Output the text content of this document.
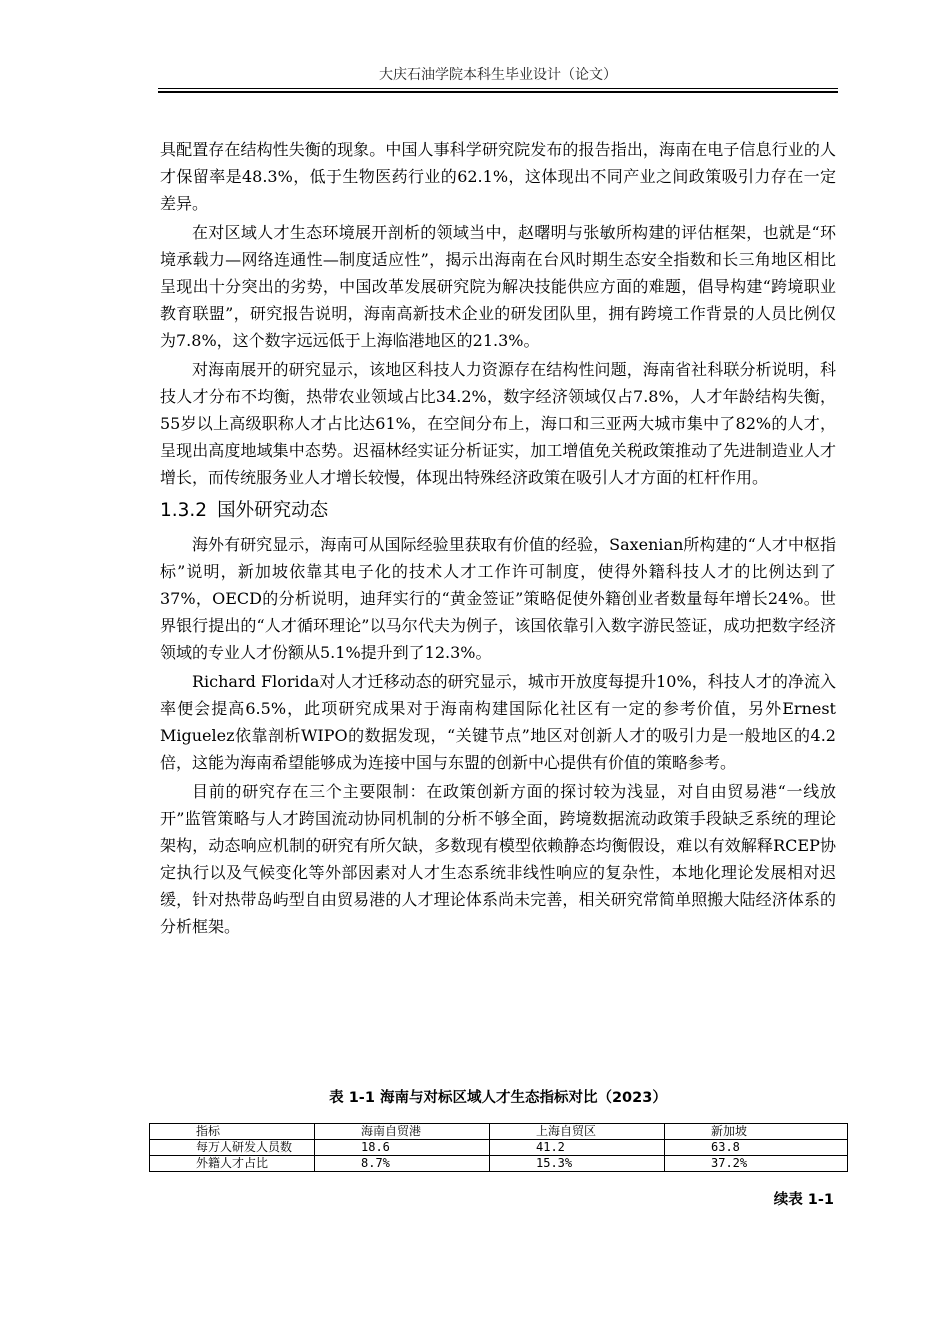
大庆石油学院本科生毕业设计（论文）

具配置存在结构性失衡的现象。中国人事科学研究院发布的报告指出，海南在电子信息行业的人才保留率是48.3%，低于生物医药行业的62.1%，这体现出不同产业之间政策吸引力存在一定差异。

在对区域人才生态环境展开剖析的领域当中，赵曙明与张敏所构建的评估框架，也就是“环境承载力—网络连通性—制度适应性”，揭示出海南在台风时期生态安全指数和长三角地区相比呈现出十分突出的劣势，中国改革发展研究院为解决技能供应方面的难题，倡导构建“跨境职业教育联盟”，研究报告说明，海南高新技术企业的研发团队里，拥有跨境工作背景的人员比例仅为7.8%，这个数字远远低于上海临港地区的21.3%。

对海南展开的研究显示，该地区科技人力资源存在结构性问题，海南省社科联分析说明，科技人才分布不均衡，热带农业领域占比34.2%，数字经济领域仅占7.8%，人才年龄结构失衡，55岁以上高级职称人才占比达61%，在空间分布上，海口和三亚两大城市集中了82%的人才，呈现出高度地域集中态势。迟福林经实证分析证实，加工增值免关税政策推动了先进制造业人才增长，而传统服务业人才增长较慢，体现出特殊经济政策在吸引人才方面的杠杆作用。

1.3.2 国外研究动态

海外有研究显示，海南可从国际经验里获取有价值的经验，Saxenian所构建的“人才中枢指标”说明，新加坡依靠其电子化的技术人才工作许可制度，使得外籍科技人才的比例达到了37%，OECD的分析说明，迪拜实行的“黄金签证”策略促使外籍创业者数量每年增长24%。世界银行提出的“人才循环理论”以马尔代夫为例子，该国依靠引入数字游民签证，成功把数字经济领域的专业人才份额从5.1%提升到了12.3%。

Richard Florida对人才迁移动态的研究显示，城市开放度每提升10%，科技人才的净流入率便会提高6.5%，此项研究成果对于海南构建国际化社区有一定的参考价值，另外Ernest Miguelez依靠剖析WIPO的数据发现，“关键节点”地区对创新人才的吸引力是一般地区的4.2倍，这能为海南希望能够成为连接中国与东盟的创新中心提供有价值的策略参考。

目前的研究存在三个主要限制：在政策创新方面的探讨较为浅显，对自由贸易港“一线放开”监管策略与人才跨国流动协同机制的分析不够全面，跨境数据流动政策手段缺乏系统的理论架构，动态响应机制的研究有所欠缺，多数现有模型依赖静态均衡假设，难以有效解释RCEP协定执行以及气候变化等外部因素对人才生态系统非线性响应的复杂性，本地化理论发展相对迟缓，针对热带岛屿型自由贸易港的人才理论体系尚未完善，相关研究常简单照搬大陆经济体系的分析框架。

表 1-1 海南与对标区域人才生态指标对比（2023）
指标	海南自贸港	上海自贸区	新加坡
每万人研发人员数	18.6	41.2	63.8
外籍人才占比	8.7%	15.3%	37.2%
续表 1-1
